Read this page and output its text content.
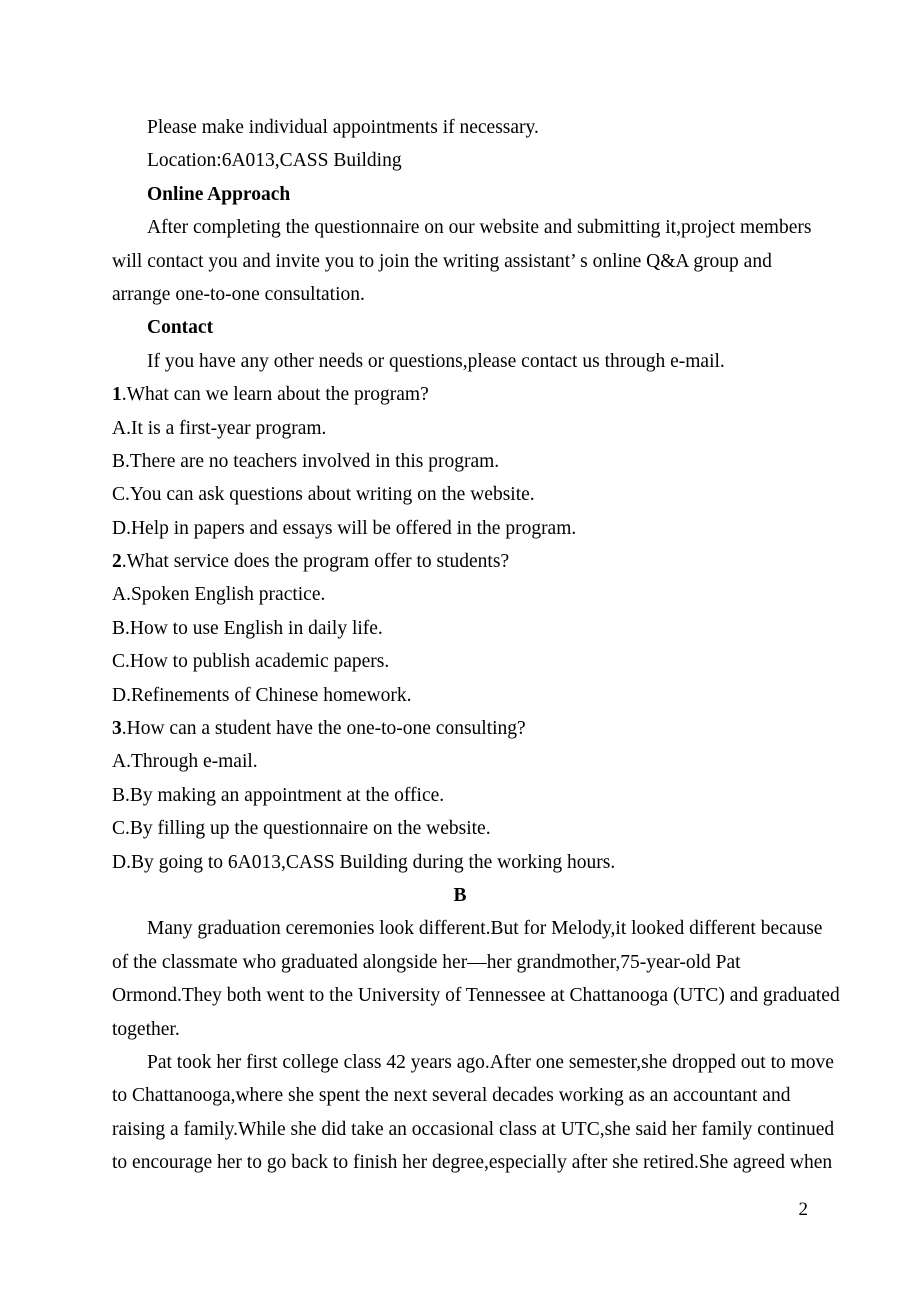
Please make individual appointments if necessary.

Location:6A013,CASS Building

Online Approach

After completing the questionnaire on our website and submitting it,project members

will contact you and invite you to join the writing assistant’ s online Q&A group and

arrange one-to-one consultation.

Contact

If you have any other needs or questions,please contact us through e-mail.

1.What can we learn about the program?

A.It is a first-year program.

B.There are no teachers involved in this program.

C.You can ask questions about writing on the website.

D.Help in papers and essays will be offered in the program.

2.What service does the program offer to students?

A.Spoken English practice.

B.How to use English in daily life.

C.How to publish academic papers.

D.Refinements of Chinese homework.

3.How can a student have the one-to-one consulting?

A.Through e-mail.

B.By making an appointment at the office.

C.By filling up the questionnaire on the website.

D.By going to 6A013,CASS Building during the working hours.

B

Many graduation ceremonies look different.But for Melody,it looked different because

of the classmate who graduated alongside her—her grandmother,75-year-old Pat

Ormond.They both went to the University of Tennessee at Chattanooga (UTC) and graduated

together.

Pat took her first college class 42 years ago.After one semester,she dropped out to move

to Chattanooga,where she spent the next several decades working as an accountant and

raising a family.While she did take an occasional class at UTC,she said her family continued

to encourage her to go back to finish her degree,especially after she retired.She agreed when

2
